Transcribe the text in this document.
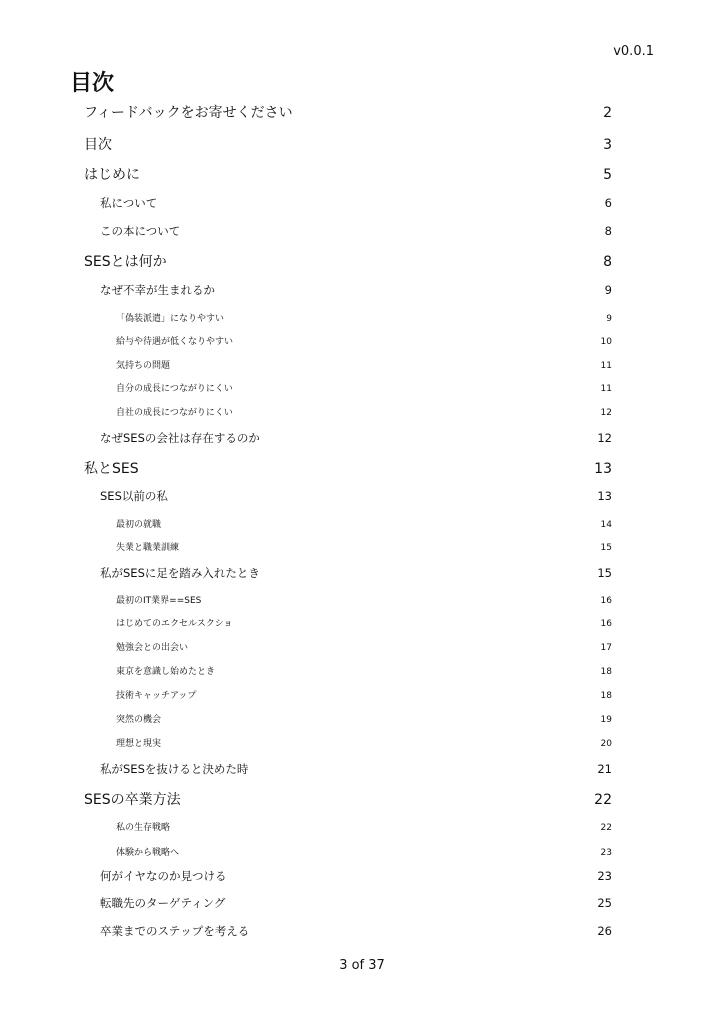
v0.0.1
目次
フィードバックをお寄せください	2
目次	3
はじめに	5
私について	6
この本について	8
SESとは何か	8
なぜ不幸が生まれるか	9
「偽装派遣」になりやすい	9
給与や待遇が低くなりやすい	10
気持ちの問題	11
自分の成長につながりにくい	11
自社の成長につながりにくい	12
なぜSESの会社は存在するのか	12
私とSES	13
SES以前の私	13
最初の就職	14
失業と職業訓練	15
私がSESに足を踏み入れたとき	15
最初のIT業界==SES	16
はじめてのエクセルスクショ	16
勉強会との出会い	17
東京を意識し始めたとき	18
技術キャッチアップ	18
突然の機会	19
理想と現実	20
私がSESを抜けると決めた時	21
SESの卒業方法	22
私の生存戦略	22
体験から戦略へ	23
何がイヤなのか見つける	23
転職先のターゲティング	25
卒業までのステップを考える	26
3 of 37
